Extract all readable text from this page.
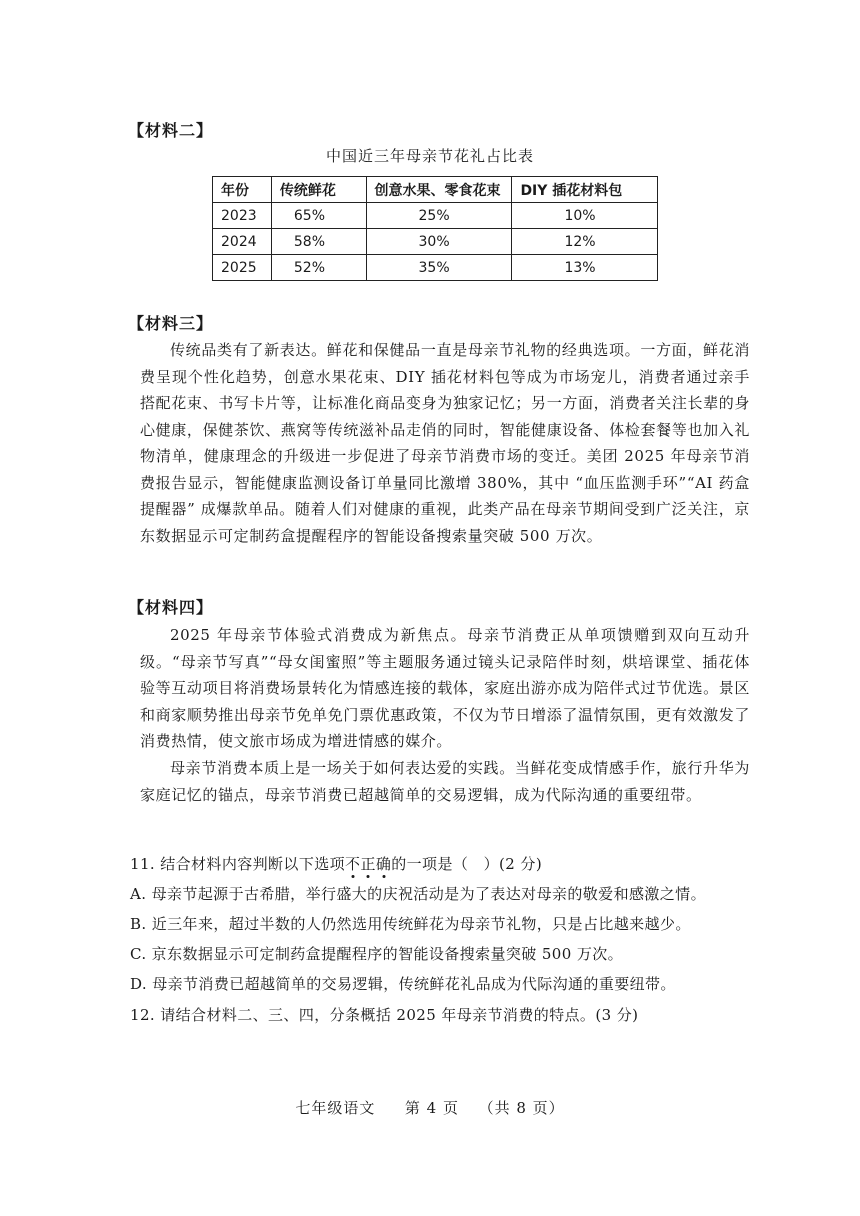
【材料二】
中国近三年母亲节花礼占比表
年份	传统鲜花	创意水果、零食花束	DIY 插花材料包
2023	65%	25%	10%
2024	58%	30%	12%
2025	52%	35%	13%
【材料三】
传统品类有了新表达。鲜花和保健品一直是母亲节礼物的经典选项。一方面，鲜花消费呈现个性化趋势，创意水果花束、DIY 插花材料包等成为市场宠儿，消费者通过亲手搭配花束、书写卡片等，让标准化商品变身为独家记忆；另一方面，消费者关注长辈的身心健康，保健茶饮、燕窝等传统滋补品走俏的同时，智能健康设备、体检套餐等也加入礼物清单，健康理念的升级进一步促进了母亲节消费市场的变迁。美团 2025 年母亲节消费报告显示，智能健康监测设备订单量同比激增 380%，其中 “血压监测手环”“AI 药盒提醒器” 成爆款单品。随着人们对健康的重视，此类产品在母亲节期间受到广泛关注，京东数据显示可定制药盒提醒程序的智能设备搜索量突破 500 万次。
【材料四】
2025 年母亲节体验式消费成为新焦点。母亲节消费正从单项馈赠到双向互动升级。“母亲节写真”“母女闺蜜照”等主题服务通过镜头记录陪伴时刻，烘培课堂、插花体验等互动项目将消费场景转化为情感连接的载体，家庭出游亦成为陪伴式过节优选。景区和商家顺势推出母亲节免单免门票优惠政策，不仅为节日增添了温情氛围，更有效激发了消费热情，使文旅市场成为增进情感的媒介。
母亲节消费本质上是一场关于如何表达爱的实践。当鲜花变成情感手作，旅行升华为家庭记忆的锚点，母亲节消费已超越简单的交易逻辑，成为代际沟通的重要纽带。
11. 结合材料内容判断以下选项不正确的一项是（　）(2 分)
A. 母亲节起源于古希腊，举行盛大的庆祝活动是为了表达对母亲的敬爱和感激之情。
B. 近三年来，超过半数的人仍然选用传统鲜花为母亲节礼物，只是占比越来越少。
C. 京东数据显示可定制药盒提醒程序的智能设备搜索量突破 500 万次。
D. 母亲节消费已超越简单的交易逻辑，传统鲜花礼品成为代际沟通的重要纽带。
12. 请结合材料二、三、四，分条概括 2025 年母亲节消费的特点。(3 分)
七年级语文 第 4 页 （共 8 页）
